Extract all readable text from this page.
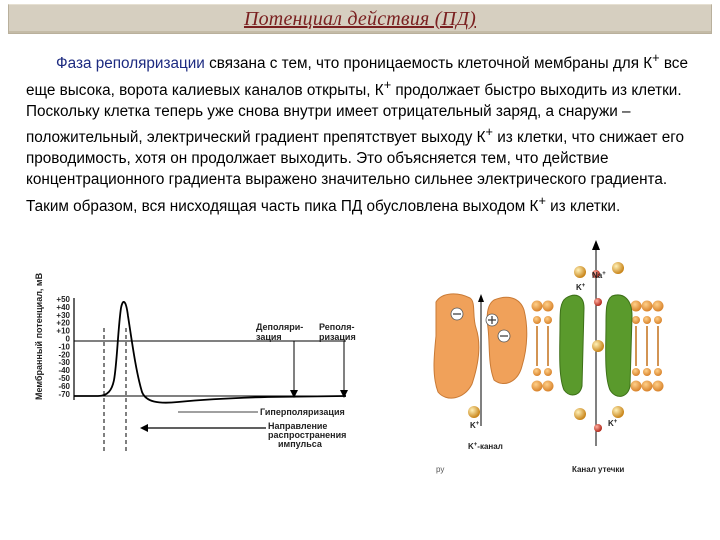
Потенциал действия (ПД)
Фаза реполяризации связана с тем, что проницаемость клеточной мембраны для К+ все еще высока, ворота калиевых каналов открыты, К+ продолжает быстро выходить из клетки. Поскольку клетка теперь уже снова внутри имеет отрицательный заряд, а снаружи – положительный, электрический градиент препятствует выходу К+ из клетки, что снижает его проводимость, хотя он продолжает выходить. Это объясняется тем, что действие концентрационного градиента выражено значительно сильнее электрического градиента. Таким образом, вся нисходящая часть пика ПД обусловлена выходом К+ из клетки.
Мембранный потенциал, мВ +50
+40
+30
+20
+10
0
-10
-20
-30
-40
-50
-60
-70
Деполяри-
зация
Реполя-
ризация
Гиперполяризация
Направление
распространения
импульса
Na+
K+
K+
K+
K+-канал
Канал утечки
ру
